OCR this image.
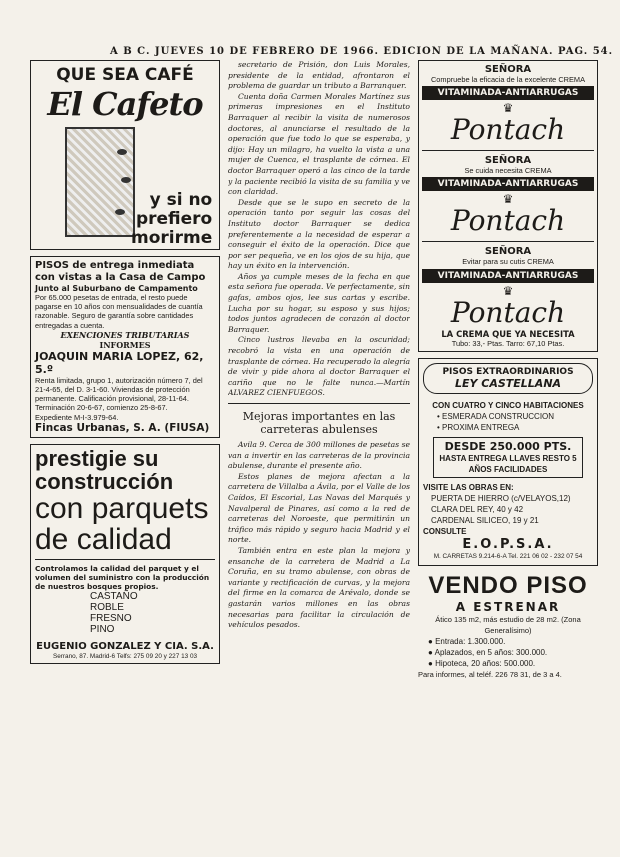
A B C. JUEVES 10 DE FEBRERO DE 1966. EDICION DE LA MAÑANA. PAG. 54.
QUE SEA CAFÉ
El Cafeto
y si no
prefiero
morirme
PISOS de entrega inmediata con vistas a la Casa de Campo
Junto al Suburbano de Campamento
Por 65.000 pesetas de entrada, el resto puede pagarse en 10 años con mensualidades de cuantía razonable. Seguro de garantía sobre cantidades entregadas a cuenta.
EXENCIONES TRIBUTARIAS
INFORMES
JOAQUIN MARIA LOPEZ, 62, 5.º
Renta limitada, grupo 1, autorización número 7, del 21-4-65, del D. 3-1-60. Viviendas de protección permanente. Calificación provisional, 28-11-64. Terminación 20-6-67, comienzo 25-8-67.
Expediente M-I-3.979-64.
Fincas Urbanas, S. A. (FIUSA)
prestigie su
construcción
con parquets
de calidad
Controlamos la calidad del parquet y el volumen del suministro con la producción de nuestros bosques propios.
CASTAÑO
ROBLE
FRESNO
PINO
EUGENIO GONZALEZ Y CIA. S.A.
Serrano, 87. Madrid-6 Telfs: 275 09 20 y 227 13 03

secretario de Prisión, don Luis Morales, presidente de la entidad, afrontaron el problema de guardar un tributo a Barranquer.

Cuenta doña Carmen Morales Martínez sus primeras impresiones en el Instituto Barraquer al recibir la visita de numerosos doctores, al anunciarse el resultado de la operación que fue todo lo que se esperaba, y dijo: Hay un milagro, ha vuelto la vista a una mujer de Cuenca, el trasplante de córnea. El doctor Barraquer operó a las cinco de la tarde y la paciente recibió la visita de su familia y ve con claridad.

Desde que se le supo en secreto de la operación tanto por seguir las cosas del Instituto doctor Barraquer se dedica preferentemente a la necesidad de esperar a conseguir el éxito de la operación. Dice que por ser pequeña, ve en los ojos de su hija, que hay un éxito en la intervención.

Años ya cumple meses de la fecha en que esta señora fue operada. Ve perfectamente, sin gafas, ambos ojos, lee sus cartas y escribe. Lucha por su hogar, su esposo y sus hijos; todos juntos agradecen de corazón al doctor Barraquer.

Cinco lustros llevaba en la oscuridad; recobró la vista en una operación de trasplante de córnea. Ha recuperado la alegría de vivir y pide ahora al doctor Barraquer el cariño que no le falte nunca.—Martín ALVAREZ CIENFUEGOS.

Mejoras importantes en las carreteras abulenses

Avila 9. Cerca de 300 millones de pesetas se van a invertir en las carreteras de la provincia abulense, durante el presente año.

Estos planes de mejora afectan a la carretera de Villalba a Ávila, por el Valle de los Caídos, El Escorial, Las Navas del Marqués y Navalperal de Pinares, así como a la red de carreteras del Noroeste, que permitirán un tráfico más rápido y seguro hacia Madrid y el norte.

También entra en este plan la mejora y ensanche de la carretera de Madrid a La Coruña, en su tramo abulense, con obras de variante y rectificación de curvas, y la mejora del firme en la comarca de Arévalo, donde se gastarán varios millones en las obras necesarias para facilitar la circulación de vehículos pesados.

SEÑORA
Compruebe la eficacia de la excelente CREMA
VITAMINADA-ANTIARRUGAS
♛
Pontach
SEÑORA
Se cuida necesita CREMA
VITAMINADA-ANTIARRUGAS
♛
Pontach
SEÑORA
Evitar para su cutis CREMA
VITAMINADA-ANTIARRUGAS
♛
Pontach
LA CREMA QUE YA NECESITA
Tubo: 33,- Ptas. Tarro: 67,10 Ptas.
PISOS EXTRAORDINARIOS
LEY CASTELLANA
CON CUATRO Y CINCO HABITACIONES
• ESMERADA CONSTRUCCION
• PROXIMA ENTREGA
DESDE 250.000 PTS.
HASTA ENTREGA LLAVES RESTO 5 AÑOS FACILIDADES
VISITE LAS OBRAS EN:
PUERTA DE HIERRO (c/VELAYOS,12)
CLARA DEL REY, 40 y 42
CARDENAL SILICEO, 19 y 21
CONSULTE
E.O.P.S.A.
M. CARRETAS 9.214-6-A Tel. 221 06 02 - 232 07 54
VENDO PISO
A ESTRENAR
Ático 135 m2, más estudio de 28 m2. (Zona Generalísimo)
● Entrada: 1.300.000.
● Aplazados, en 5 años: 300.000.
● Hipoteca, 20 años: 500.000.
Para informes, al teléf. 226 78 31, de 3 a 4.
